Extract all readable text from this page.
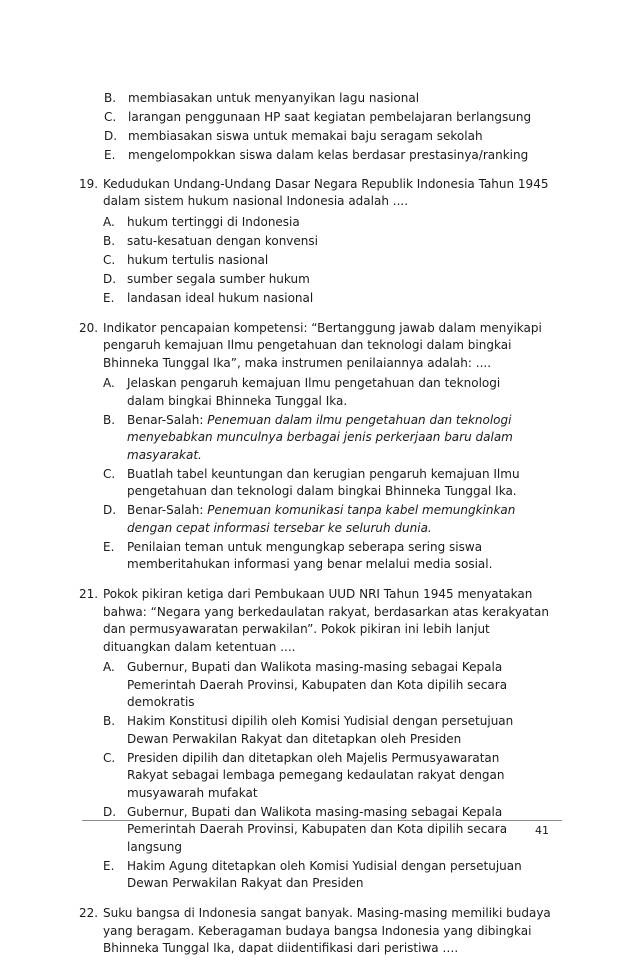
B. membiasakan untuk menyanyikan lagu nasional
C. larangan penggunaan HP saat kegiatan pembelajaran berlangsung
D. membiasakan siswa untuk memakai baju seragam sekolah
E.	mengelompokkan siswa dalam kelas berdasar prestasinya/ranking
19. Kedudukan Undang-Undang Dasar Negara Republik Indonesia Tahun 1945 dalam sistem hukum nasional Indonesia adalah ....
A.	hukum tertinggi di Indonesia
B. satu-kesatuan dengan konvensi
C. hukum tertulis nasional
D. sumber segala sumber hukum
E.	landasan ideal hukum nasional
20. Indikator pencapaian kompetensi: “Bertanggung jawab dalam menyikapi pengaruh kemajuan Ilmu pengetahuan dan teknologi dalam bingkai Bhinneka Tunggal Ika”, maka instrumen penilaiannya adalah: ....
A.	Jelaskan pengaruh kemajuan Ilmu pengetahuan dan teknologi dalam bingkai Bhinneka Tunggal Ika.
B. Benar-Salah: Penemuan dalam ilmu pengetahuan dan teknologi menyebabkan munculnya berbagai jenis perkerjaan baru dalam masyarakat.
C. Buatlah tabel keuntungan dan kerugian pengaruh kemajuan Ilmu pengetahuan dan teknologi dalam bingkai Bhinneka Tunggal Ika.
D. Benar-Salah: Penemuan komunikasi tanpa kabel memungkinkan dengan cepat informasi tersebar ke seluruh dunia.
E.	Penilaian teman untuk mengungkap seberapa sering siswa memberitahukan informasi yang benar melalui media sosial.
21. Pokok pikiran ketiga dari Pembukaan UUD NRI Tahun 1945 menyatakan bahwa: “Negara yang berkedaulatan rakyat, berdasarkan atas kerakyatan dan permusyawaratan perwakilan”. Pokok pikiran ini lebih lanjut dituangkan dalam ketentuan ....
A.	Gubernur, Bupati dan Walikota masing-masing sebagai Kepala Pemerintah Daerah Provinsi, Kabupaten dan Kota dipilih secara demokratis
B. Hakim Konstitusi dipilih oleh Komisi Yudisial dengan persetujuan Dewan Perwakilan Rakyat dan ditetapkan oleh Presiden
C. Presiden dipilih dan ditetapkan oleh Majelis Permusyawaratan Rakyat sebagai lembaga pemegang kedaulatan rakyat dengan musyawarah mufakat
D. Gubernur, Bupati dan Walikota masing-masing sebagai Kepala Pemerintah Daerah Provinsi, Kabupaten dan Kota dipilih secara langsung
E.	Hakim Agung ditetapkan oleh Komisi Yudisial dengan persetujuan Dewan Perwakilan Rakyat dan Presiden
22. Suku bangsa di Indonesia sangat banyak. Masing-masing memiliki budaya yang beragam. Keberagaman budaya bangsa Indonesia yang dibingkai Bhinneka Tunggal Ika, dapat diidentifikasi dari peristiwa ….
41
